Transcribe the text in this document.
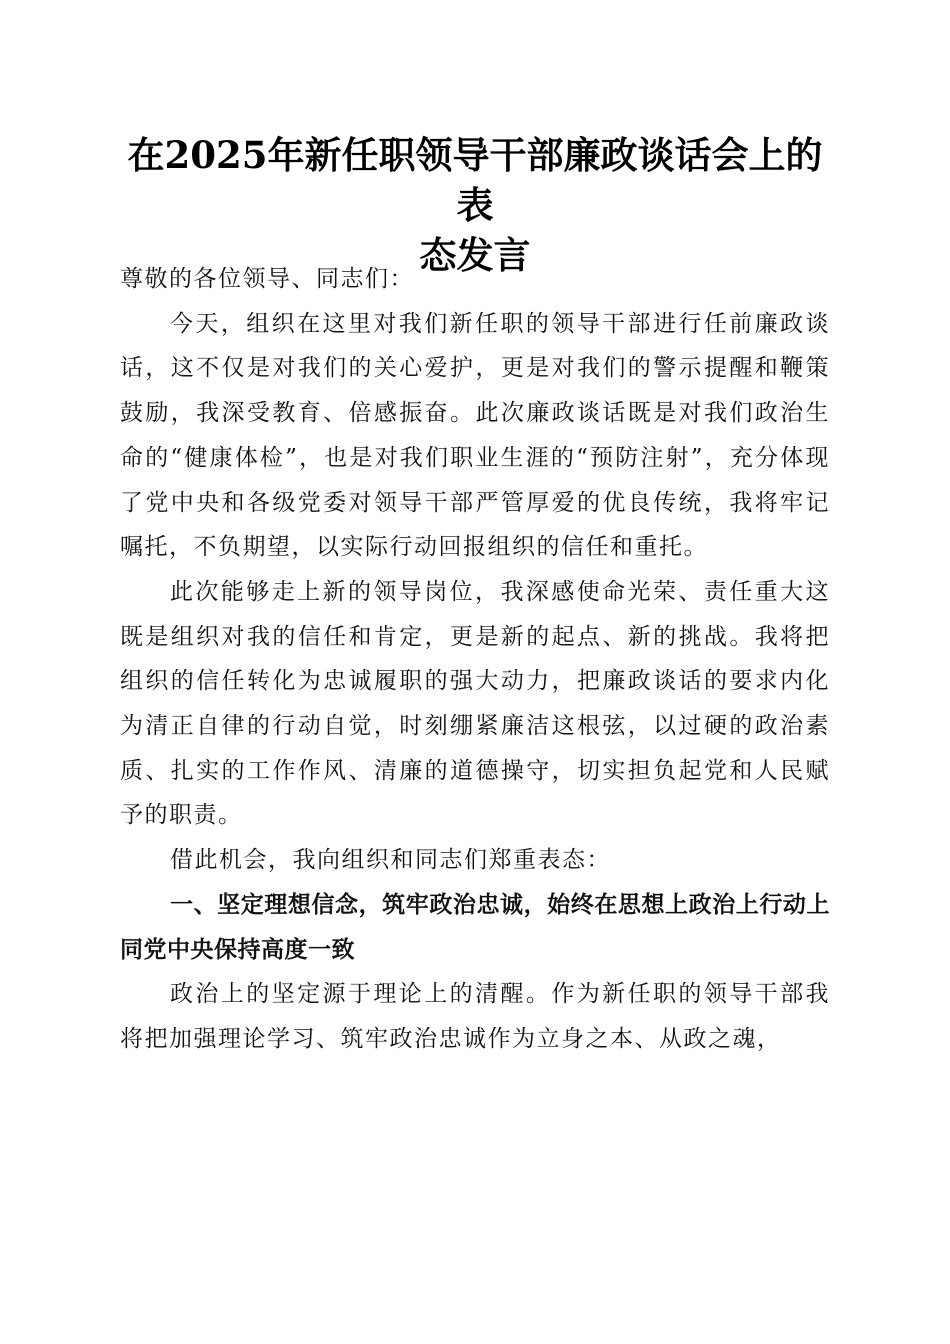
在2025年新任职领导干部廉政谈话会上的表
态发言

尊敬的各位领导、同志们：

今天，组织在这里对我们新任职的领导干部进行任前廉政谈话，这不仅是对我们的关心爱护，更是对我们的警示提醒和鞭策鼓励，我深受教育、倍感振奋。此次廉政谈话既是对我们政治生命的“健康体检”，也是对我们职业生涯的“预防注射”，充分体现了党中央和各级党委对领导干部严管厚爱的优良传统，我将牢记嘱托，不负期望，以实际行动回报组织的信任和重托。

此次能够走上新的领导岗位，我深感使命光荣、责任重大这既是组织对我的信任和肯定，更是新的起点、新的挑战。我将把组织的信任转化为忠诚履职的强大动力，把廉政谈话的要求内化为清正自律的行动自觉，时刻绷紧廉洁这根弦，以过硬的政治素质、扎实的工作作风、清廉的道德操守，切实担负起党和人民赋予的职责。

借此机会，我向组织和同志们郑重表态：

一、坚定理想信念，筑牢政治忠诚，始终在思想上政治上行动上同党中央保持高度一致

政治上的坚定源于理论上的清醒。作为新任职的领导干部我将把加强理论学习、筑牢政治忠诚作为立身之本、从政之魂，
